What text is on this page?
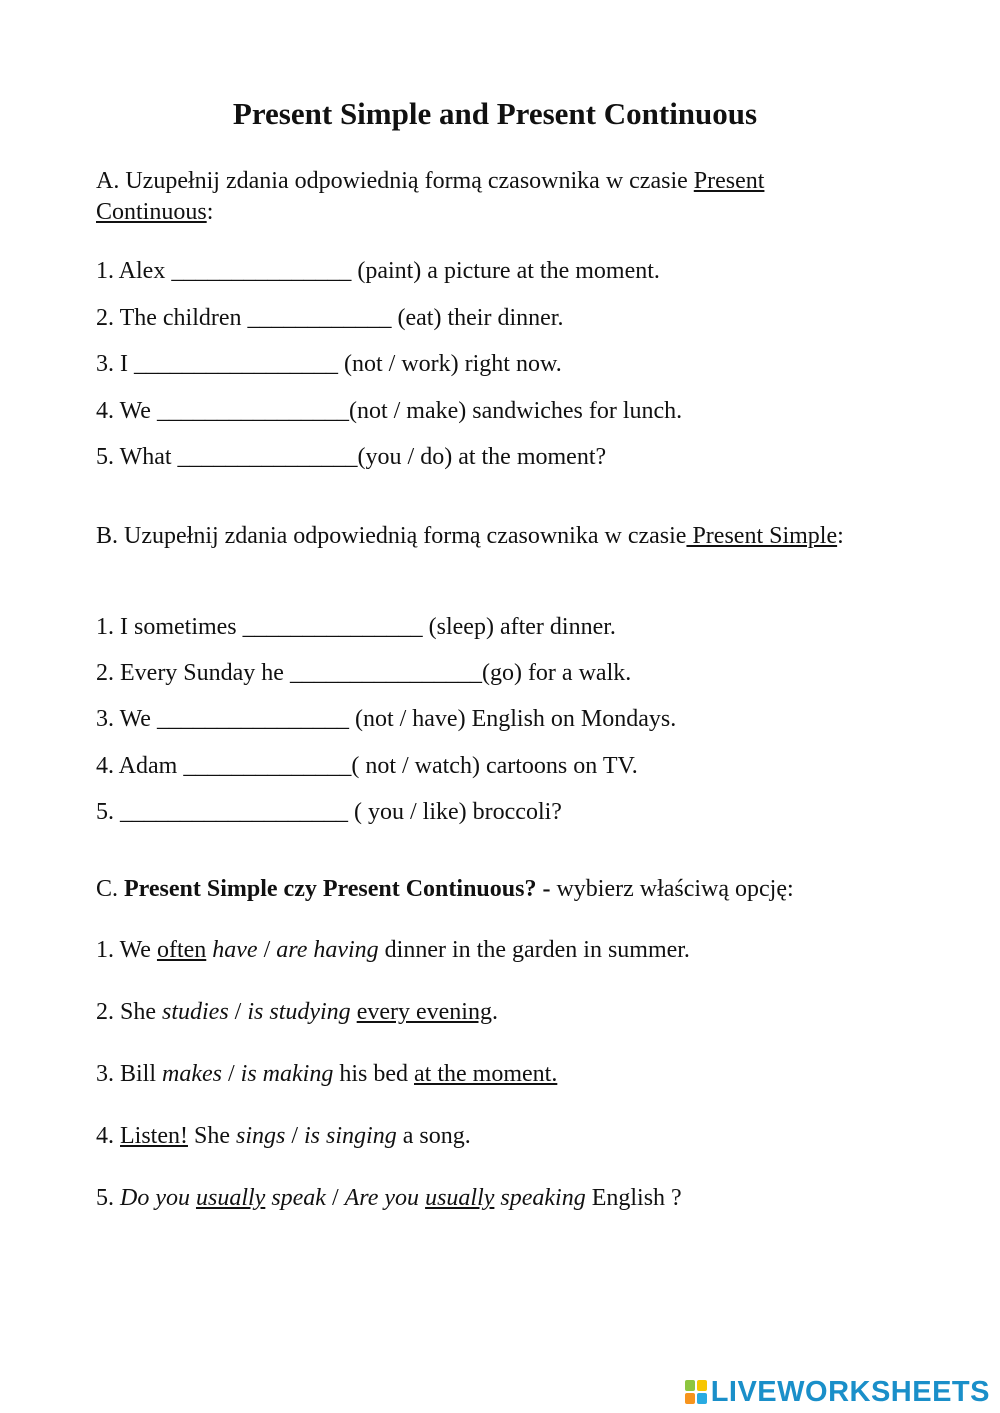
Present Simple and Present Continuous
A. Uzupełnij zdania odpowiednią formą czasownika w czasie Present Continuous:
1. Alex _______________ (paint) a picture at the moment.
2. The children ____________ (eat) their dinner.
3. I _________________ (not / work) right now.
4. We ________________(not / make) sandwiches for lunch.
5. What _______________(you / do) at the moment?
B. Uzupełnij zdania odpowiednią formą czasownika w czasie Present Simple:
1. I sometimes _______________ (sleep) after dinner.
2. Every Sunday he ________________(go) for a walk.
3. We ________________ (not / have) English on Mondays.
4. Adam ______________( not / watch) cartoons on TV.
5. ___________________ ( you / like) broccoli?
C. Present Simple czy Present Continuous? - wybierz właściwą opcję:
1. We often have / are having dinner in the garden in summer.
2. She studies / is studying every evening.
3. Bill makes / is making his bed at the moment.
4. Listen! She sings / is singing a song.
5. Do you usually speak / Are you usually speaking English ?
LIVEWORKSHEETS
